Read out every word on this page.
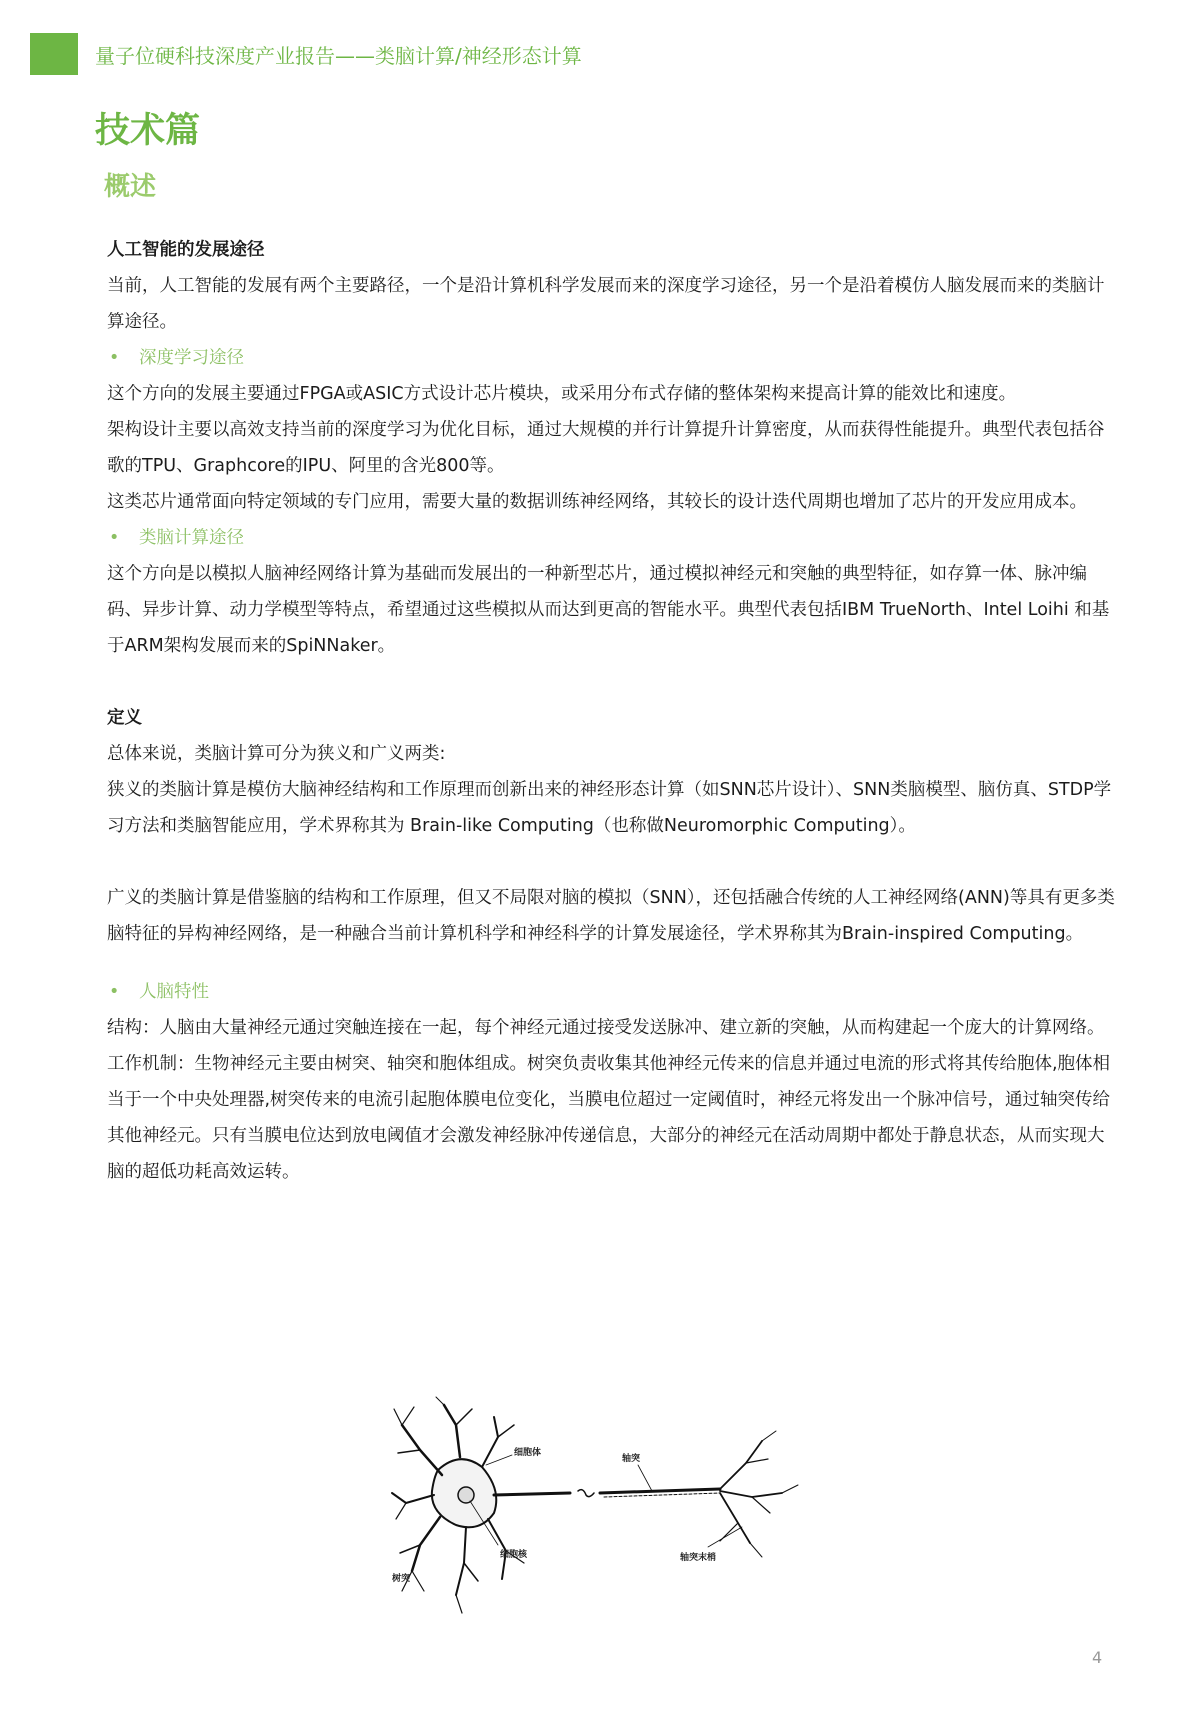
量子位硬科技深度产业报告——类脑计算/神经形态计算
技术篇
概述

人工智能的发展途径

当前，人工智能的发展有两个主要路径，一个是沿计算机科学发展而来的深度学习途径，另一个是沿着模仿人脑发展而来的类脑计算途径。

• 深度学习途径

这个方向的发展主要通过FPGA或ASIC方式设计芯片模块，或采用分布式存储的整体架构来提高计算的能效比和速度。

架构设计主要以高效支持当前的深度学习为优化目标，通过大规模的并行计算提升计算密度，从而获得性能提升。典型代表包括谷歌的TPU、Graphcore的IPU、阿里的含光800等。

这类芯片通常面向特定领域的专门应用，需要大量的数据训练神经网络，其较长的设计迭代周期也增加了芯片的开发应用成本。

• 类脑计算途径

这个方向是以模拟人脑神经网络计算为基础而发展出的一种新型芯片，通过模拟神经元和突触的典型特征，如存算一体、脉冲编码、异步计算、动力学模型等特点，希望通过这些模拟从而达到更高的智能水平。典型代表包括IBM TrueNorth、Intel Loihi 和基于ARM架构发展而来的SpiNNaker。

定义

总体来说，类脑计算可分为狭义和广义两类:

狭义的类脑计算是模仿大脑神经结构和工作原理而创新出来的神经形态计算（如SNN芯片设计）、SNN类脑模型、脑仿真、STDP学习方法和类脑智能应用，学术界称其为 Brain-like Computing（也称做Neuromorphic Computing）。

广义的类脑计算是借鉴脑的结构和工作原理，但又不局限对脑的模拟（SNN），还包括融合传统的人工神经网络(ANN)等具有更多类脑特征的异构神经网络，是一种融合当前计算机科学和神经科学的计算发展途径，学术界称其为Brain-inspired Computing。

• 人脑特性

结构：人脑由大量神经元通过突触连接在一起，每个神经元通过接受发送脉冲、建立新的突触，从而构建起一个庞大的计算网络。

工作机制：生物神经元主要由树突、轴突和胞体组成。树突负责收集其他神经元传来的信息并通过电流的形式将其传给胞体,胞体相当于一个中央处理器,树突传来的电流引起胞体膜电位变化，当膜电位超过一定阈值时，神经元将发出一个脉冲信号，通过轴突传给其他神经元。只有当膜电位达到放电阈值才会激发神经脉冲传递信息，大部分的神经元在活动周期中都处于静息状态，从而实现大脑的超低功耗高效运转。

细胞体
细胞核
树突
轴突
轴突末梢
4
